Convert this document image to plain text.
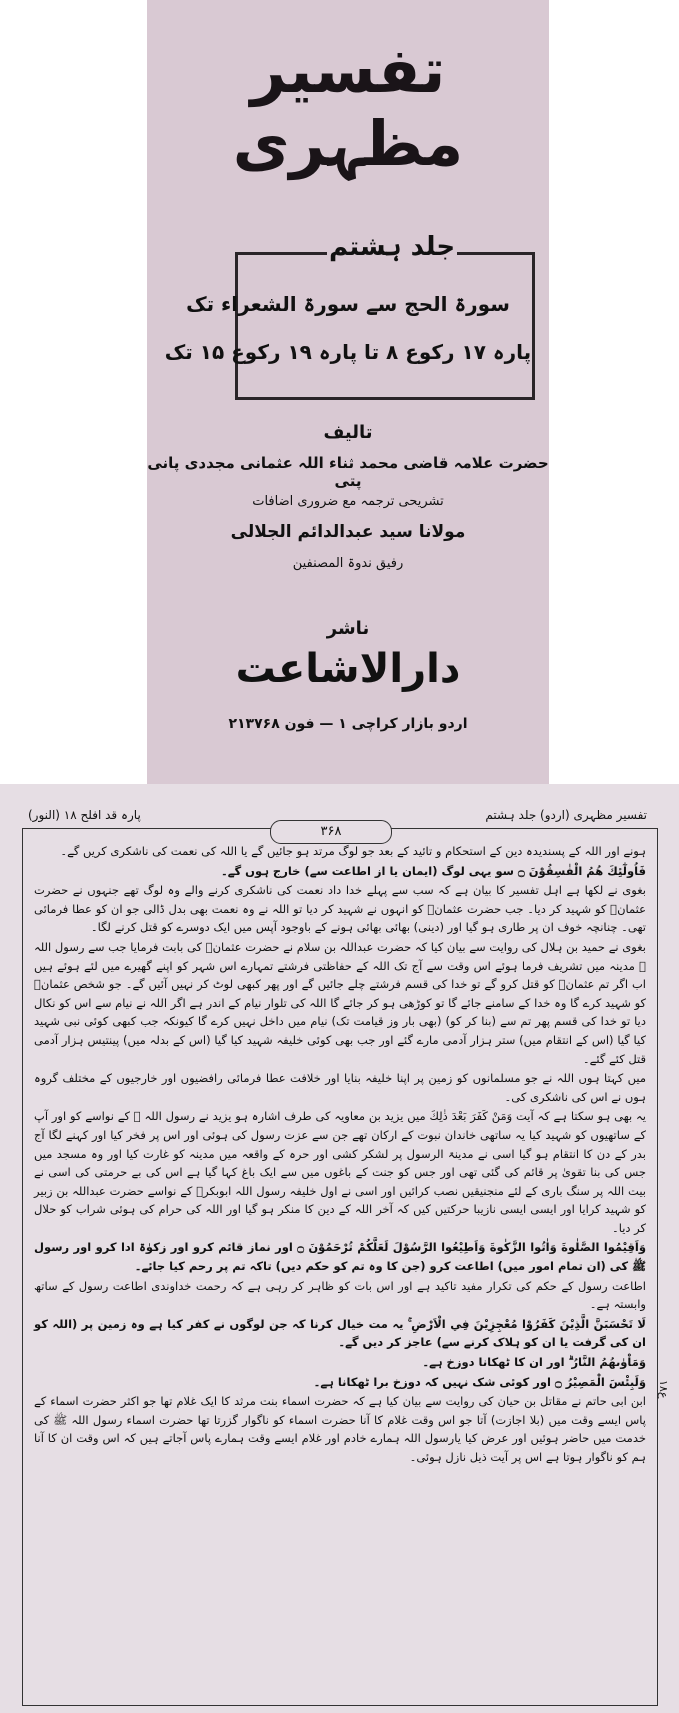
تفسیر مظہری
جلد ہشتم
سورۃ الحج سے سورۃ الشعراء تک
پارہ ۱۷ رکوع ۸ تا پارہ ۱۹ رکوع ۱۵ تک
تالیف
حضرت علامہ قاضی محمد ثناء اللہ عثمانی مجددی پانی پتی
تشریحی ترجمہ مع ضروری اضافات
مولانا سید عبدالدائم الجلالی
رفیق ندوۃ المصنفین
ناشر
دارالاشاعت
اردو بازار کراچی ۱ — فون ۲۱۳۷۶۸
تفسیر مظہری (اردو) جلد ہشتم
پارہ قد افلح ۱۸ (النور)
۳۶۸
۱۸ع

ہونے اور اللہ کے پسندیدہ دین کے استحکام و تائید کے بعد جو لوگ مرتد ہو جائیں گے یا اللہ کی نعمت کی ناشکری کریں گے۔

فَاُولٰٓئِكَ هُمُ الْفٰسِقُوْنَ ۝ سو یہی لوگ (ایمان یا از اطاعت سے) خارج ہوں گے۔

بغوی نے لکھا ہے اہل تفسیر کا بیان ہے کہ سب سے پہلے خدا داد نعمت کی ناشکری کرنے والے وہ لوگ تھے جنہوں نے حضرت عثمانؓ کو شہید کر دیا۔ جب حضرت عثمانؓ کو انہوں نے شہید کر دیا تو اللہ نے وہ نعمت بھی بدل ڈالی جو ان کو عطا فرمائی تھی۔ چنانچہ خوف ان پر طاری ہو گیا اور (دینی) بھائی بھائی ہونے کے باوجود آپس میں ایک دوسرے کو قتل کرنے لگا۔

بغوی نے حمید بن ہلال کی روایت سے بیان کیا کہ حضرت عبداللہ بن سلام نے حضرت عثمانؓ کی بابت فرمایا جب سے رسول اللہ ﷺ مدینہ میں تشریف فرما ہوئے اس وقت سے آج تک اللہ کے حفاظتی فرشتے تمہارے اس شہر کو اپنے گھیرے میں لئے ہوئے ہیں اب اگر تم عثمانؓ کو قتل کرو گے تو خدا کی قسم فرشتے چلے جائیں گے اور پھر کبھی لوٹ کر نہیں آئیں گے۔ جو شخص عثمانؓ کو شہید کرے گا وہ خدا کے سامنے جائے گا تو کوڑھی ہو کر جائے گا اللہ کی تلوار نیام کے اندر ہے اگر اللہ نے نیام سے اس کو نکال دیا تو خدا کی قسم پھر تم سے (بنا کر کو) (بھی بار وز قیامت تک) نیام میں داخل نہیں کرے گا کیونکہ جب کبھی کوئی نبی شہید کیا گیا (اس کے انتقام میں) ستر ہزار آدمی مارے گئے اور جب بھی کوئی خلیفہ شہید کیا گیا (اس کے بدلہ میں) پینتیس ہزار آدمی قتل کئے گئے۔

میں کہتا ہوں اللہ نے جو مسلمانوں کو زمین پر اپنا خلیفہ بنایا اور خلافت عطا فرمائی رافضیوں اور خارجیوں کے مختلف گروہ ہوں نے اس کی ناشکری کی۔

یہ بھی ہو سکتا ہے کہ آیت وَمَنْ كَفَرَ بَعْدَ ذٰلِكَ میں یزید بن معاویہ کی طرف اشارہ ہو یزید نے رسول اللہ ﷺ کے نواسے کو اور آپ کے ساتھیوں کو شہید کیا یہ ساتھی خاندان نبوت کے ارکان تھے جن سے عزت رسول کی ہوئی اور اس پر فخر کیا اور کہنے لگا آج بدر کے دن کا انتقام ہو گیا اسی نے مدینۃ الرسول پر لشکر کشی اور حرہ کے واقعہ میں مدینہ کو غارت کیا اور وہ مسجد میں جس کی بنا تقویٰ پر قائم کی گئی تھی اور جس کو جنت کے باغوں میں سے ایک باغ کہا گیا ہے اس کی بے حرمتی کی اسی نے بیت اللہ پر سنگ باری کے لئے منجنیقیں نصب کرائیں اور اسی نے اول خلیفہ رسول اللہ ابوبکرؓ کے نواسے حضرت عبداللہ بن زبیر کو شہید کرایا اور ایسی ایسی نازیبا حرکتیں کیں کہ آخر اللہ کے دین کا منکر ہو گیا اور اللہ کی حرام کی ہوئی شراب کو حلال کر دیا۔

وَاَقِيْمُوا الصَّلٰوةَ وَاٰتُوا الزَّكٰوةَ وَاَطِيْعُوا الرَّسُوْلَ لَعَلَّكُمْ تُرْحَمُوْنَ ۝ اور نماز قائم کرو اور زکوٰۃ ادا کرو اور رسول ﷺ کی (ان تمام امور میں) اطاعت کرو (جن کا وہ تم کو حکم دیں) تاکہ تم پر رحم کیا جائے۔

اطاعت رسول کے حکم کی تکرار مفید تاکید ہے اور اس بات کو ظاہر کر رہی ہے کہ رحمت خداوندی اطاعت رسول کے ساتھ وابستہ ہے۔

لَا تَحْسَبَنَّ الَّذِيْنَ كَفَرُوْا مُعْجِزِيْنَ فِي الْاَرْضِ ۚ یہ مت خیال کرنا کہ جن لوگوں نے کفر کیا ہے وہ زمین پر (اللہ کو ان کی گرفت یا ان کو ہلاک کرنے سے) عاجز کر دیں گے۔

وَمَاْوٰىهُمُ النَّارُ ۗ اور ان کا ٹھکانا دوزخ ہے۔

وَلَبِئْسَ الْمَصِيْرُ ۝ اور کوئی شک نہیں کہ دوزخ برا ٹھکانا ہے۔

ابن ابی حاتم نے مقاتل بن حیان کی روایت سے بیان کیا ہے کہ حضرت اسماء بنت مرثد کا ایک غلام تھا جو اکثر حضرت اسماء کے پاس ایسے وقت میں (بلا اجازت) آتا جو اس وقت غلام کا آنا حضرت اسماء کو ناگوار گزرتا تھا حضرت اسماء رسول اللہ ﷺ کی خدمت میں حاضر ہوئیں اور عرض کیا یارسول اللہ ہمارے خادم اور غلام ایسے وقت ہمارے پاس آجاتے ہیں کہ اس وقت ان کا آنا ہم کو ناگوار ہوتا ہے اس پر آیت ذیل نازل ہوئی۔
